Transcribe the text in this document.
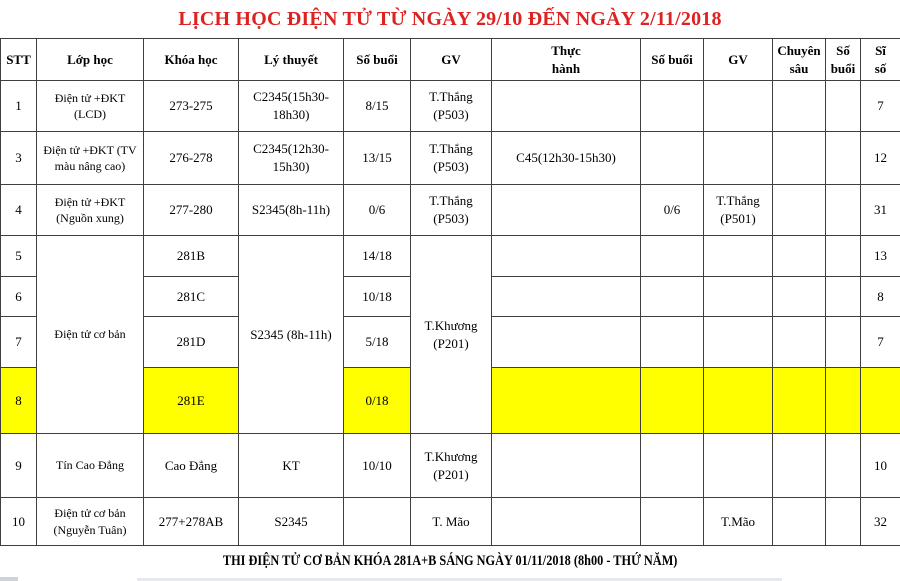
LỊCH HỌC ĐIỆN TỬ TỪ NGÀY 29/10 ĐẾN NGÀY 2/11/2018
STT	Lớp học	Khóa học	Lý thuyết	Số buổi	GV	Thực hành	Số buổi	GV	Chuyên sâu	Số buổi	Sĩ số

1	Điện tử +ĐKT (LCD)	273-275	C2345(15h30-18h30)	8/15	T.Thắng (P503)						7
3	Điện tử +ĐKT (TV màu nâng cao)	276-278	C2345(12h30-15h30)	13/15	T.Thắng (P503)	C45(12h30-15h30)					12
4	Điện tử +ĐKT (Nguồn xung)	277-280	S2345(8h-11h)	0/6	T.Thắng (P503)		0/6	T.Thắng (P501)			31
5	Điện tử cơ bản	281B	S2345 (8h-11h)	14/18	T.Khương (P201)						13
6		281C		10/18							8
7		281D		5/18							7
8		281E		0/18							
9	Tín Cao Đẳng	Cao Đẳng	KT	10/10	T.Khương (P201)						10
10	Điện tử cơ bản (Nguyễn Tuân)	277+278AB	S2345		T. Mão			T.Mão			32
THI ĐIỆN TỬ CƠ BẢN KHÓA 281A+B SÁNG NGÀY 01/11/2018 (8h00 - THỨ NĂM)
